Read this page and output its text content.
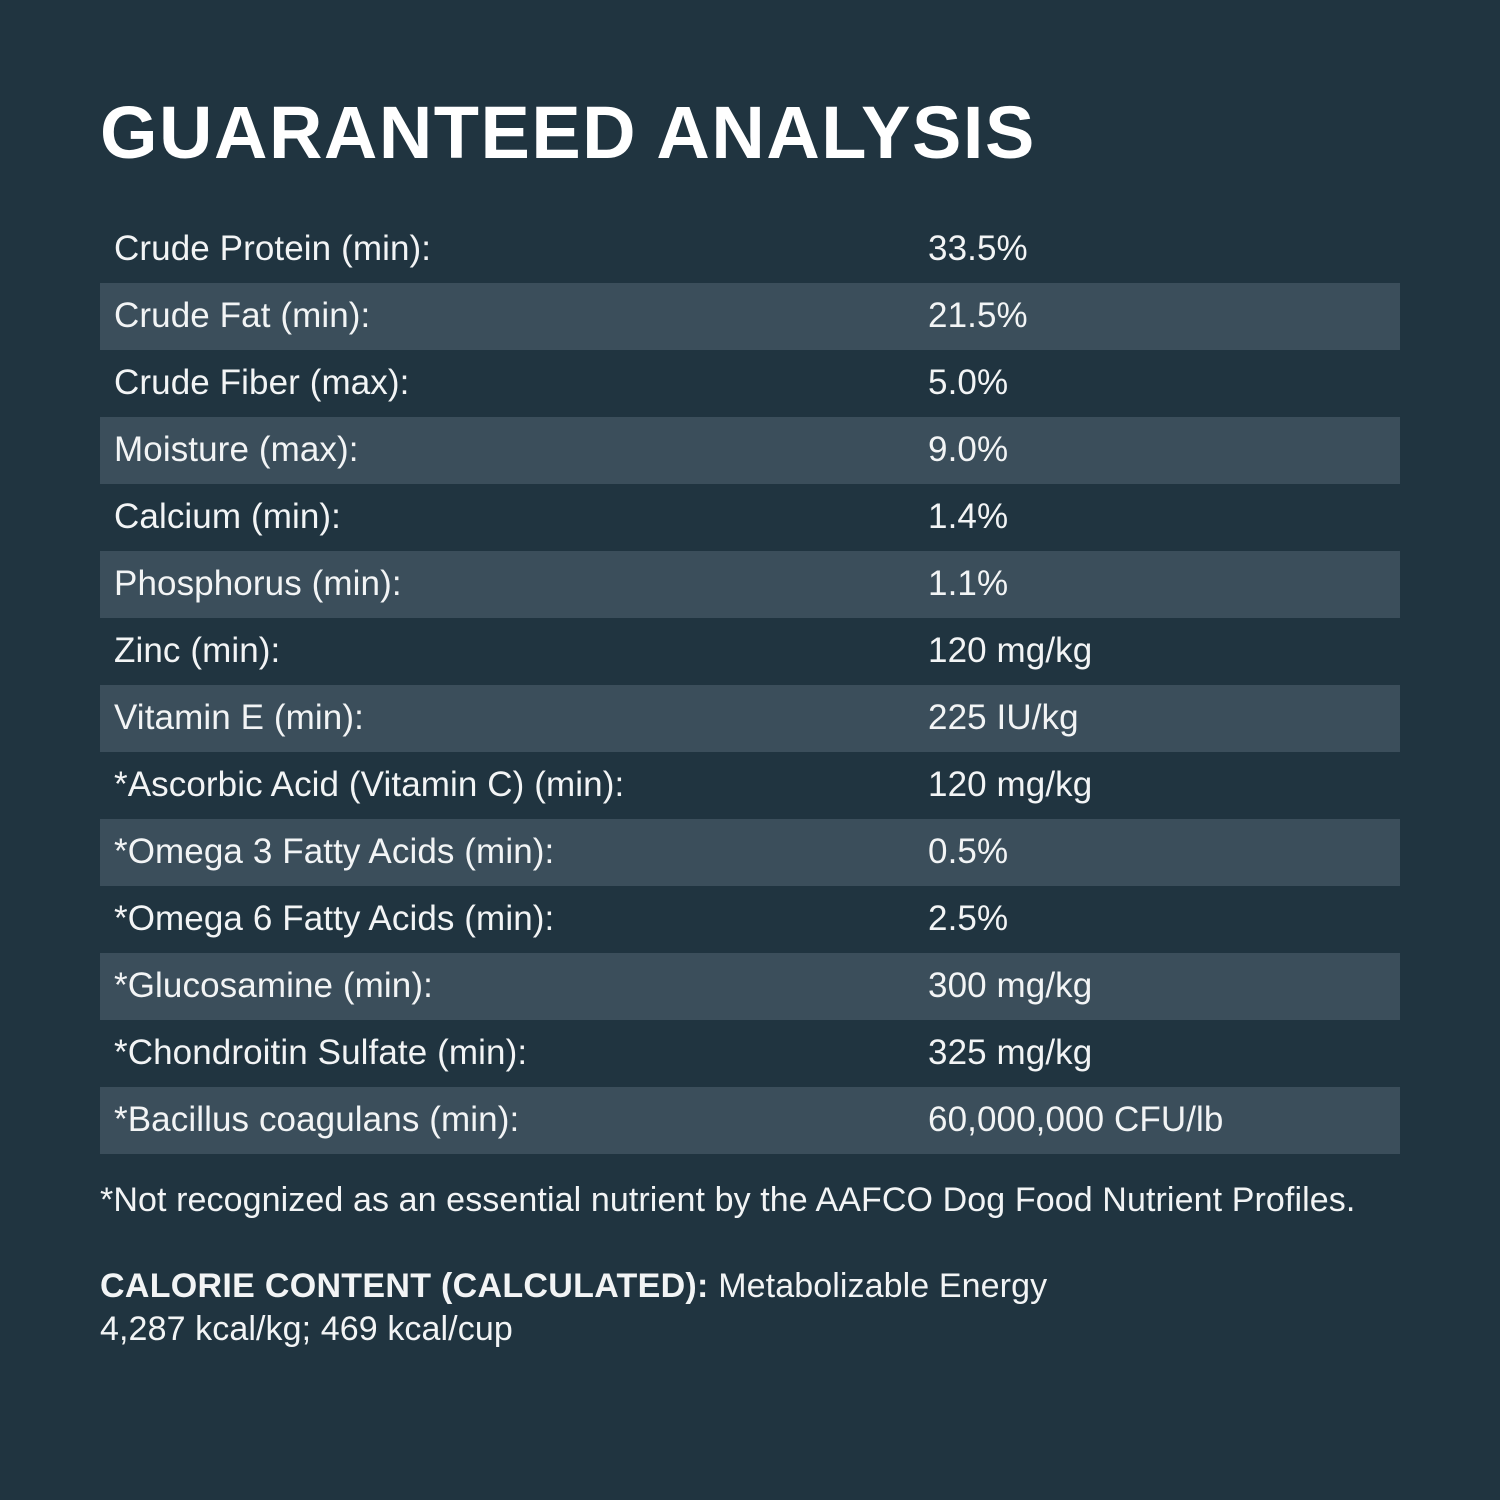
GUARANTEED ANALYSIS
Crude Protein (min):	33.5%
Crude Fat (min):	21.5%
Crude Fiber (max):	5.0%
Moisture (max):	9.0%
Calcium (min):	1.4%
Phosphorus (min):	1.1%
Zinc (min):	120 mg/kg
Vitamin E (min):	225 IU/kg
*Ascorbic Acid (Vitamin C) (min):	120 mg/kg
*Omega 3 Fatty Acids (min):	0.5%
*Omega 6 Fatty Acids (min):	2.5%
*Glucosamine (min):	300 mg/kg
*Chondroitin Sulfate (min):	325 mg/kg
*Bacillus coagulans (min):	60,000,000 CFU/lb
*Not recognized as an essential nutrient by the AAFCO Dog Food Nutrient Profiles.
CALORIE CONTENT (CALCULATED): Metabolizable Energy
4,287 kcal/kg; 469 kcal/cup
